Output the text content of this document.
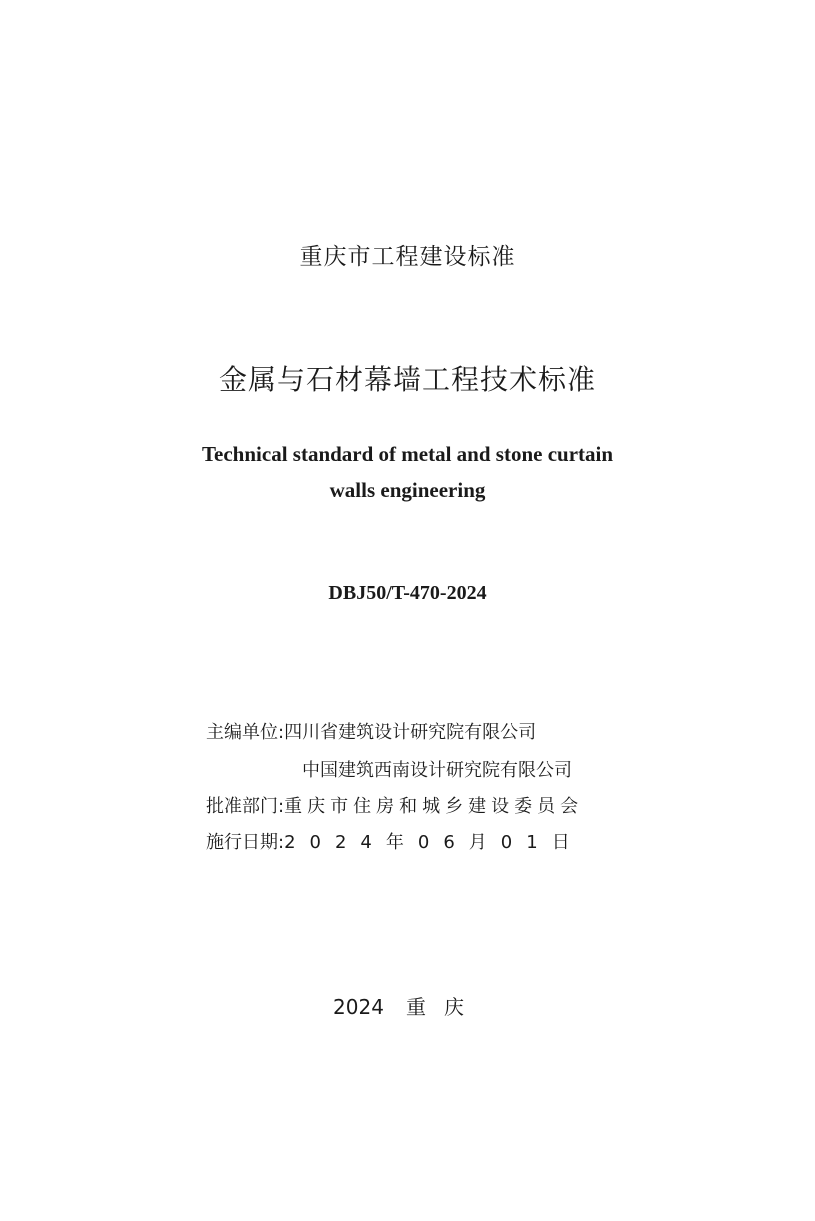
重庆市工程建设标准
金属与石材幕墙工程技术标准
Technical standard of metal and stone curtain
walls engineering
DBJ50/T-470-2024
主编单位:四川省建筑设计研究院有限公司
中国建筑西南设计研究院有限公司
批准部门:重庆市住房和城乡建设委员会
施行日期:2024年06月01日
2024 重庆
